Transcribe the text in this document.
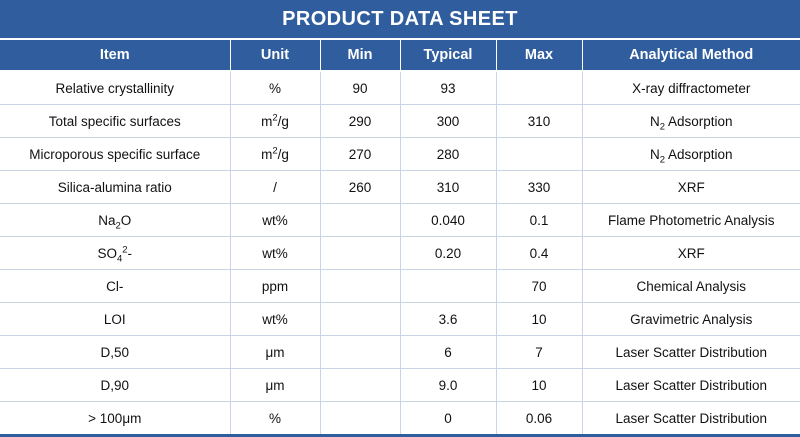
PRODUCT DATA SHEET
Item	Unit	Min	Typical	Max	Analytical Method
Relative crystallinity	%	90	93		X-ray diffractometer
Total specific surfaces	$m^2/g$	290	300	310	$N_2$ Adsorption
Microporous specific surface	$m^2/g$	270	280		$N_2$ Adsorption
Silica-alumina ratio	/	260	310	330	XRF
$Na_2O$	wt%		0.040	0.1	Flame Photometric Analysis
$SO_4^2-$	wt%		0.20	0.4	XRF
Cl-	ppm			70	Chemical Analysis
LOI	wt%		3.6	10	Gravimetric Analysis
D,50	μm		6	7	Laser Scatter Distribution
D,90	μm		9.0	10	Laser Scatter Distribution
> 100μm	%		0	0.06	Laser Scatter Distribution
